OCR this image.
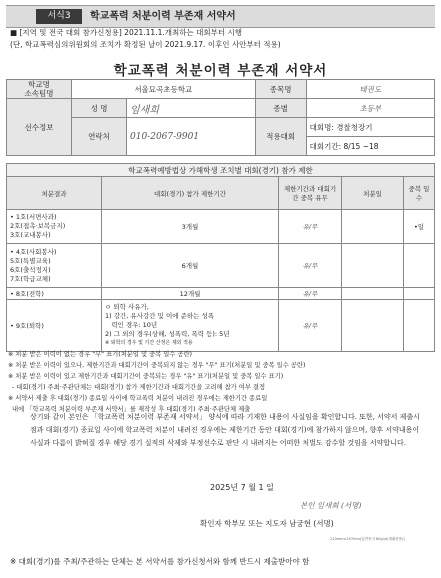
서식3	학교폭력 처분이력 부존재 서약서
■ [지역 및 전국 대회 참가신청용] 2021.11.1.개최하는 대회부터 시행
(단, 학교폭력심의위원회의 조치가 확정된 날이 2021.9.17. 이후인 사안부터 적용)
학교폭력 처분이력 부존재 서약서
학교명
소속팀명	서울묘곡초등학교		종목명	태권도
선수정보	성 명	임새희	종별	초등부
	연락처	010-2067-9901	적용대회	대회명: 경찰청장기
				대회기간: 8/15 ~18
학교폭력예방법상 가해학생 조치별 대회(경기) 참가 제한
처분결과	대회(경기) 참가 제한기간	제한기간과 대회기간 중복 유무	처분일	중복 일수
• 1호(서면사과)
2호(접촉·보복금지)
3호(교내봉사)	3개월	유/무		•일
• 4호(사회봉사)
5호(특별교육)
6호(출석정지)
7호(학급교체)	6개월	유/무		
• 8호(전학)	12개월	유/무		
• 9호(퇴학)	ㅇ 퇴학 사유가,
1) 강간, 유사강간 및 이에 준하는 성폭
력인 경우: 10년
2) 그 외의 경우(상해, 성폭력, 폭력 등): 5년
※ 퇴학의 경우 및 기간 산정은 제외 적용	유/무		
※ 처분 받은 이력이 없는 경우 "무" 표기(처분일 및 중복 일수 공란)
※ 처분 받은 이력이 있으나, 제한기간과 대회기간이 중복되지 않는 경우 "무" 표기(처분일 및 중복 일수 공란)
※ 처분 받은 이력이 있고 제한기간과 대회기간이 중복되는 경우 "유" 표기(처분일 및 중복 일수 표기)
- 대회(경기) 주최·주관단체는 대회(경기) 참가 제한기간과 대회기간을 고려해 참가 여부 결정
※ 서약서 제출 후 대회(경기) 종료일 사이에 학교폭력 처분이 내려진 경우에는 제한기간 종료일
내에 「학교폭력 처분이력 부존재 서약서」를 재작성 후 대회(경기) 주최·주관단체 제출
상기와 같이 본인은 「학교폭력 처분이력 부존재 서약서」 양식에 따라 기재한 내용이 사실임을 확인합니다. 또한, 서약서 제출시점과 대회(경기) 종료일 사이에 학교폭력 처분이 내려진 경우에는 제한기간 동안 대회(경기)에 참가하지 않으며, 향후 서약내용이 사실과 다름이 밝혀질 경우 해당 경기 실적의 삭제와 부정선수로 판단 시 내려지는 어떠한 처벌도 감수할 것임을 서약합니다.
2025년 7 월 1 일
본인 임새희 (서명)
확인자 학부모 또는 지도자 남궁현 (서명)
210mm×297mm(일반용지 60g/㎡(재활용품))
※ 대회(경기)를 주최/주관하는 단체는 본 서약서를 참가신청서와 함께 반드시 제출받아야 함
